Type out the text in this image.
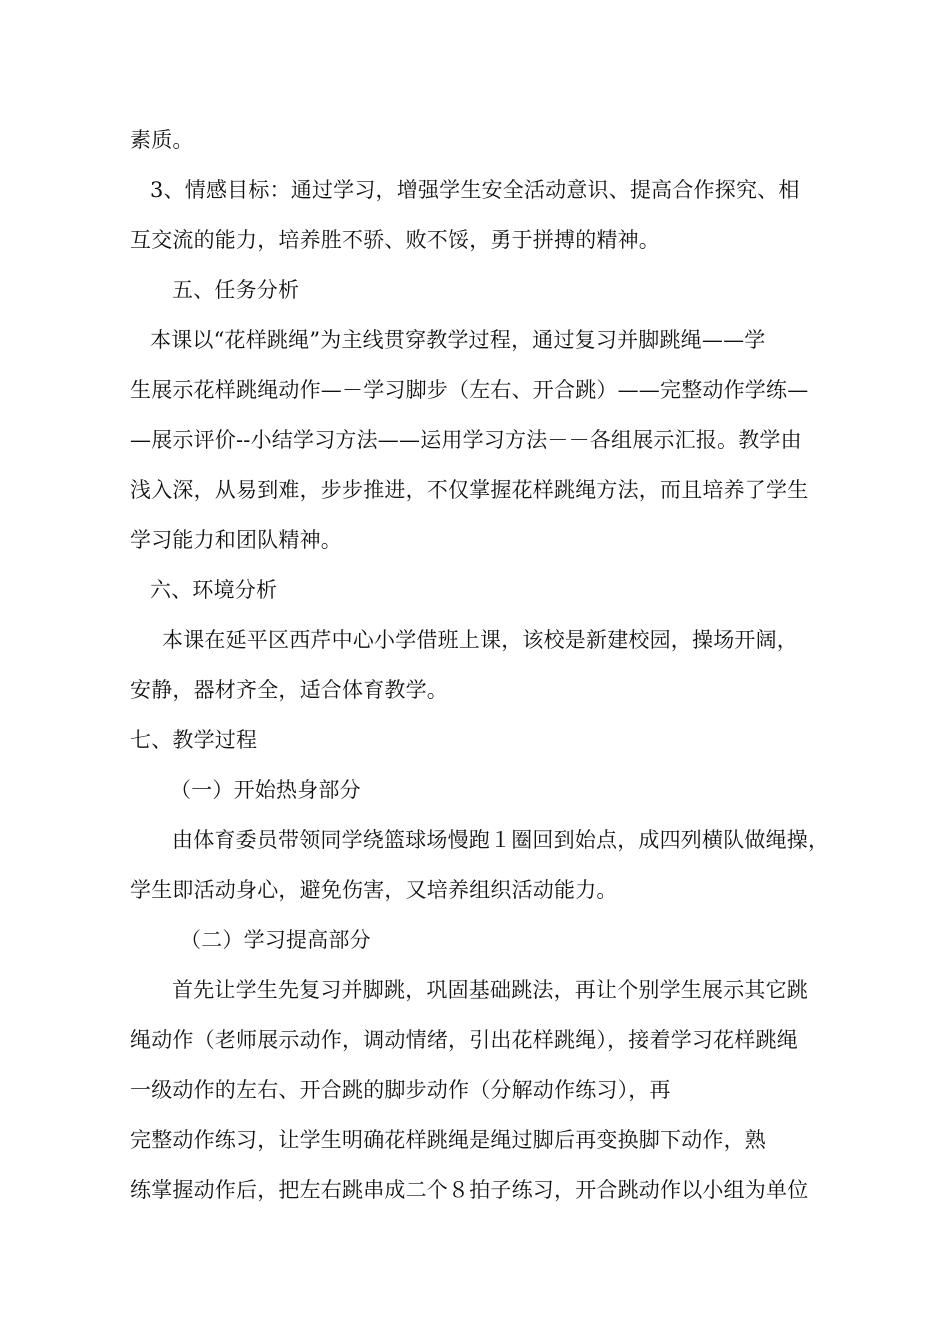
素质。
3、情感目标：通过学习，增强学生安全活动意识、提高合作探究、相
互交流的能力，培养胜不骄、败不馁，勇于拼搏的精神。
五、任务分析
本课以“花样跳绳”为主线贯穿教学过程，通过复习并脚跳绳——学
生展示花样跳绳动作—－学习脚步（左右、开合跳）——完整动作学练—
—展示评价--小结学习方法——运用学习方法－－各组展示汇报。教学由
浅入深，从易到难，步步推进，不仅掌握花样跳绳方法，而且培养了学生
学习能力和团队精神。
六、环境分析
本课在延平区西芹中心小学借班上课，该校是新建校园，操场开阔，
安静，器材齐全，适合体育教学。
七、教学过程
（一）开始热身部分
由体育委员带领同学绕篮球场慢跑１圈回到始点，成四列横队做绳操，
学生即活动身心，避免伤害，又培养组织活动能力。
（二）学习提高部分
首先让学生先复习并脚跳，巩固基础跳法，再让个别学生展示其它跳
绳动作（老师展示动作，调动情绪，引出花样跳绳），接着学习花样跳绳
一级动作的左右、开合跳的脚步动作（分解动作练习），再
完整动作练习，让学生明确花样跳绳是绳过脚后再变换脚下动作，熟
练掌握动作后，把左右跳串成二个８拍子练习，开合跳动作以小组为单位
